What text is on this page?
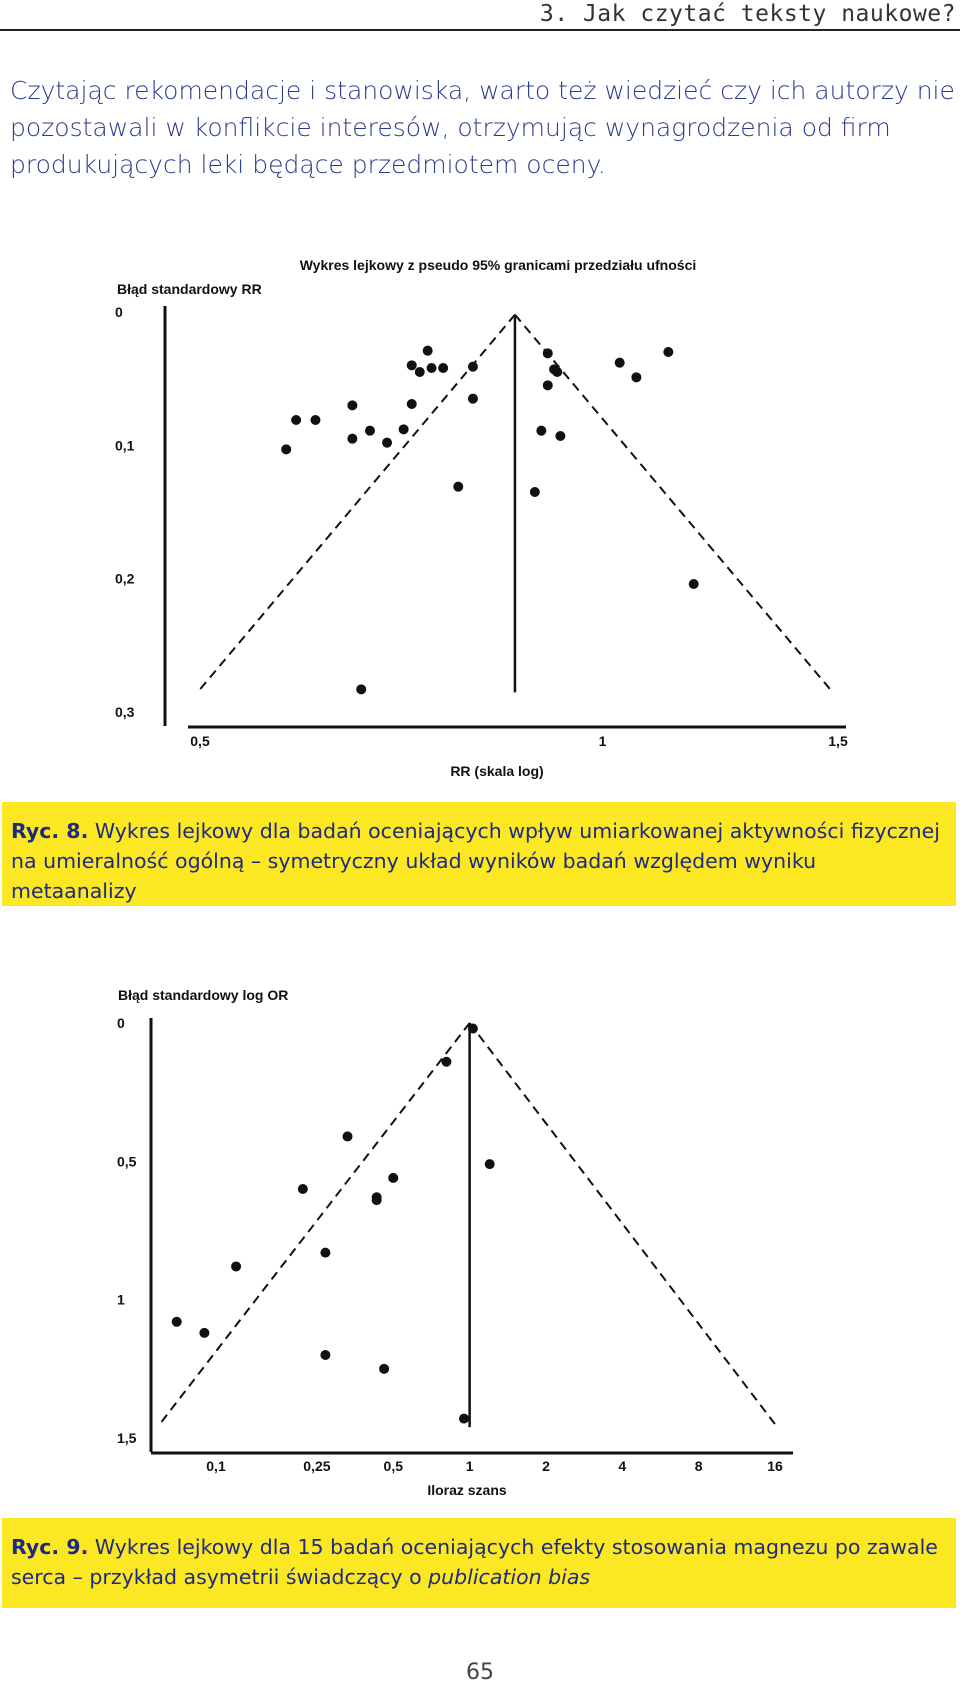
3. Jak czytać teksty naukowe?

Czytając rekomendacje i stanowiska, warto też wiedzieć czy ich autorzy nie pozostawali w konflikcie interesów, otrzymując wynagrodzenia od firm produkujących leki będące przedmiotem oceny.

Wykres lejkowy z pseudo 95% granicami przedziału ufności
Błąd standardowy RR
0
0,1
0,2
0,3
0,5	1	1,5
RR (skala log)
Ryc. 8. Wykres lejkowy dla badań oceniających wpływ umiarkowanej aktywności fizycznej na umieralność ogólną – symetryczny układ wyników badań względem wyniku metaanalizy
Błąd standardowy log OR
0
0,5
1
1,5
0,1	0,25	0,5	1	2	4	8	16
Iloraz szans
Ryc. 9. Wykres lejkowy dla 15 badań oceniających efekty stosowania magnezu po zawale serca – przykład asymetrii świadczący o publication bias
65
